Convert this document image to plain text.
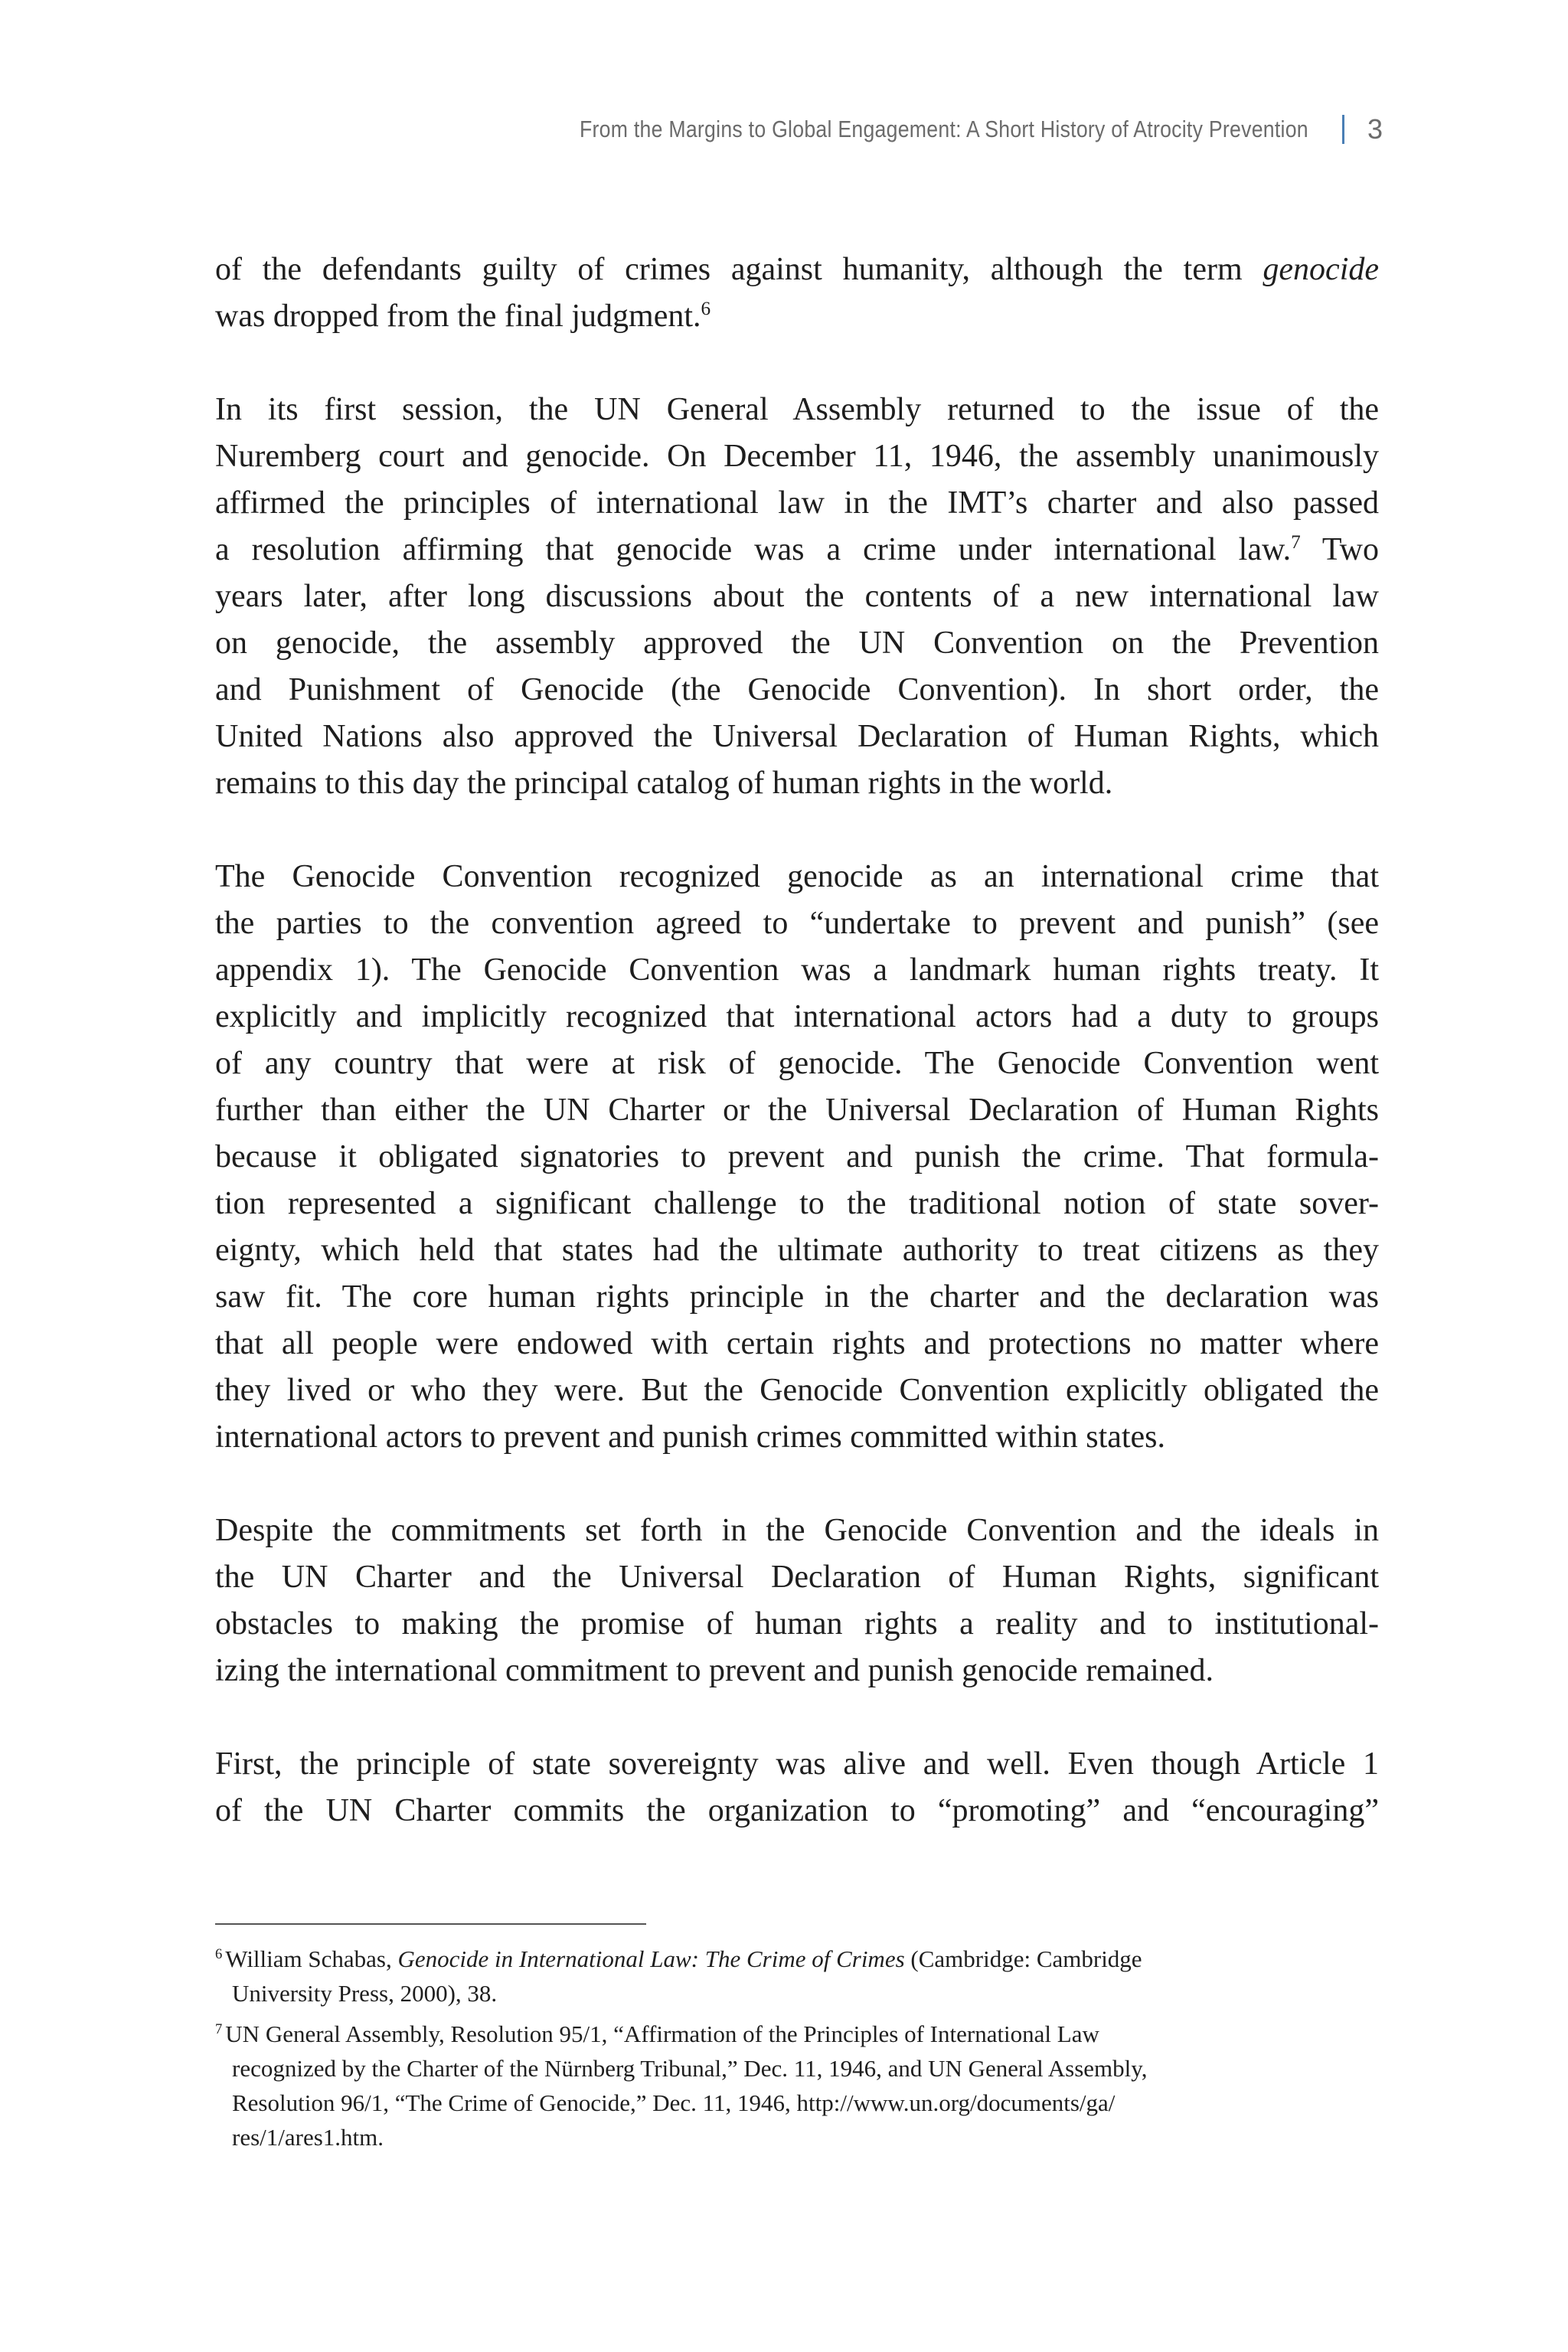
From the Margins to Global Engagement: A Short History of Atrocity Prevention 3
of the defendants guilty of crimes against humanity, although the term genocide
was dropped from the final judgment.$^6$
In its first session, the UN General Assembly returned to the issue of the
Nuremberg court and genocide. On December 11, 1946, the assembly unanimously
affirmed the principles of international law in the IMT’s charter and also passed
a resolution affirming that genocide was a crime under international law.$^7$ Two
years later, after long discussions about the contents of a new international law
on genocide, the assembly approved the UN Convention on the Prevention
and Punishment of Genocide (the Genocide Convention). In short order, the
United Nations also approved the Universal Declaration of Human Rights, which
remains to this day the principal catalog of human rights in the world.
The Genocide Convention recognized genocide as an international crime that
the parties to the convention agreed to “undertake to prevent and punish” (see
appendix 1). The Genocide Convention was a landmark human rights treaty. It
explicitly and implicitly recognized that international actors had a duty to groups
of any country that were at risk of genocide. The Genocide Convention went
further than either the UN Charter or the Universal Declaration of Human Rights
because it obligated signatories to prevent and punish the crime. That formula-
tion represented a significant challenge to the traditional notion of state sover-
eignty, which held that states had the ultimate authority to treat citizens as they
saw fit. The core human rights principle in the charter and the declaration was
that all people were endowed with certain rights and protections no matter where
they lived or who they were. But the Genocide Convention explicitly obligated the
international actors to prevent and punish crimes committed within states.
Despite the commitments set forth in the Genocide Convention and the ideals in
the UN Charter and the Universal Declaration of Human Rights, significant
obstacles to making the promise of human rights a reality and to institutional-
izing the international commitment to prevent and punish genocide remained.
First, the principle of state sovereignty was alive and well. Even though Article 1
of the UN Charter commits the organization to “promoting” and “encouraging”
$^6$ William Schabas, Genocide in International Law: The Crime of Crimes (Cambridge: Cambridge
University Press, 2000), 38.
$^7$ UN General Assembly, Resolution 95/1, “Affirmation of the Principles of International Law
recognized by the Charter of the Nürnberg Tribunal,” Dec. 11, 1946, and UN General Assembly,
Resolution 96/1, “The Crime of Genocide,” Dec. 11, 1946, http://www.un.org/documents/ga/
res/1/ares1.htm.
